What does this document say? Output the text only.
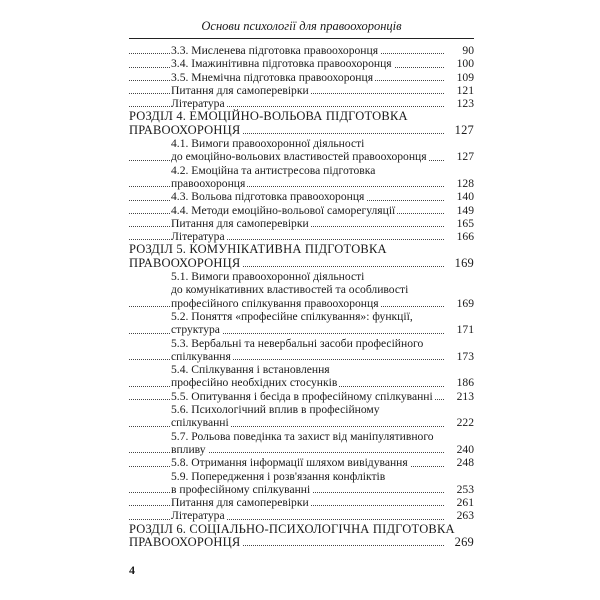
Основи психології для правоохоронців
3.3. Мисленева підготовка правоохоронця	90
3.4. Імажинітивна підготовка правоохоронця	100
3.5. Мнемічна підготовка правоохоронця	109
Питання для самоперевірки	121
Література	123
РОЗДІЛ 4. ЕМОЦІЙНО-ВОЛЬОВА ПІДГОТОВКА
ПРАВООХОРОНЦЯ	127
4.1. Вимоги правоохоронної діяльності
до емоційно-вольових властивостей правоохоронця	127
4.2. Емоційна та антистресова підготовка
правоохоронця	128
4.3. Вольова підготовка правоохоронця	140
4.4. Методи емоційно-вольової саморегуляції	149
Питання для самоперевірки	165
Література	166
РОЗДІЛ 5. КОМУНІКАТИВНА ПІДГОТОВКА
ПРАВООХОРОНЦЯ	169
5.1. Вимоги правоохоронної діяльності
до комунікативних властивостей та особливості
професійного спілкування правоохоронця	169
5.2. Поняття «професійне спілкування»: функції,
структура	171
5.3. Вербальні та невербальні засоби професійного
спілкування	173
5.4. Спілкування і встановлення
професійно необхідних стосунків	186
5.5. Опитування і бесіда в професійному спілкуванні 213
5.6. Психологічний вплив в професійному
спілкуванні	222
5.7. Рольова поведінка та захист від маніпулятивного
впливу	240
5.8. Отримання інформації шляхом вивідування	248
5.9. Попередження і розв'язання конфліктів
в професійному спілкуванні	253
Питання для самоперевірки	261
Література	263
РОЗДІЛ 6. СОЦІАЛЬНО-ПСИХОЛОГІЧНА ПІДГОТОВКА
ПРАВООХОРОНЦЯ	269
4
